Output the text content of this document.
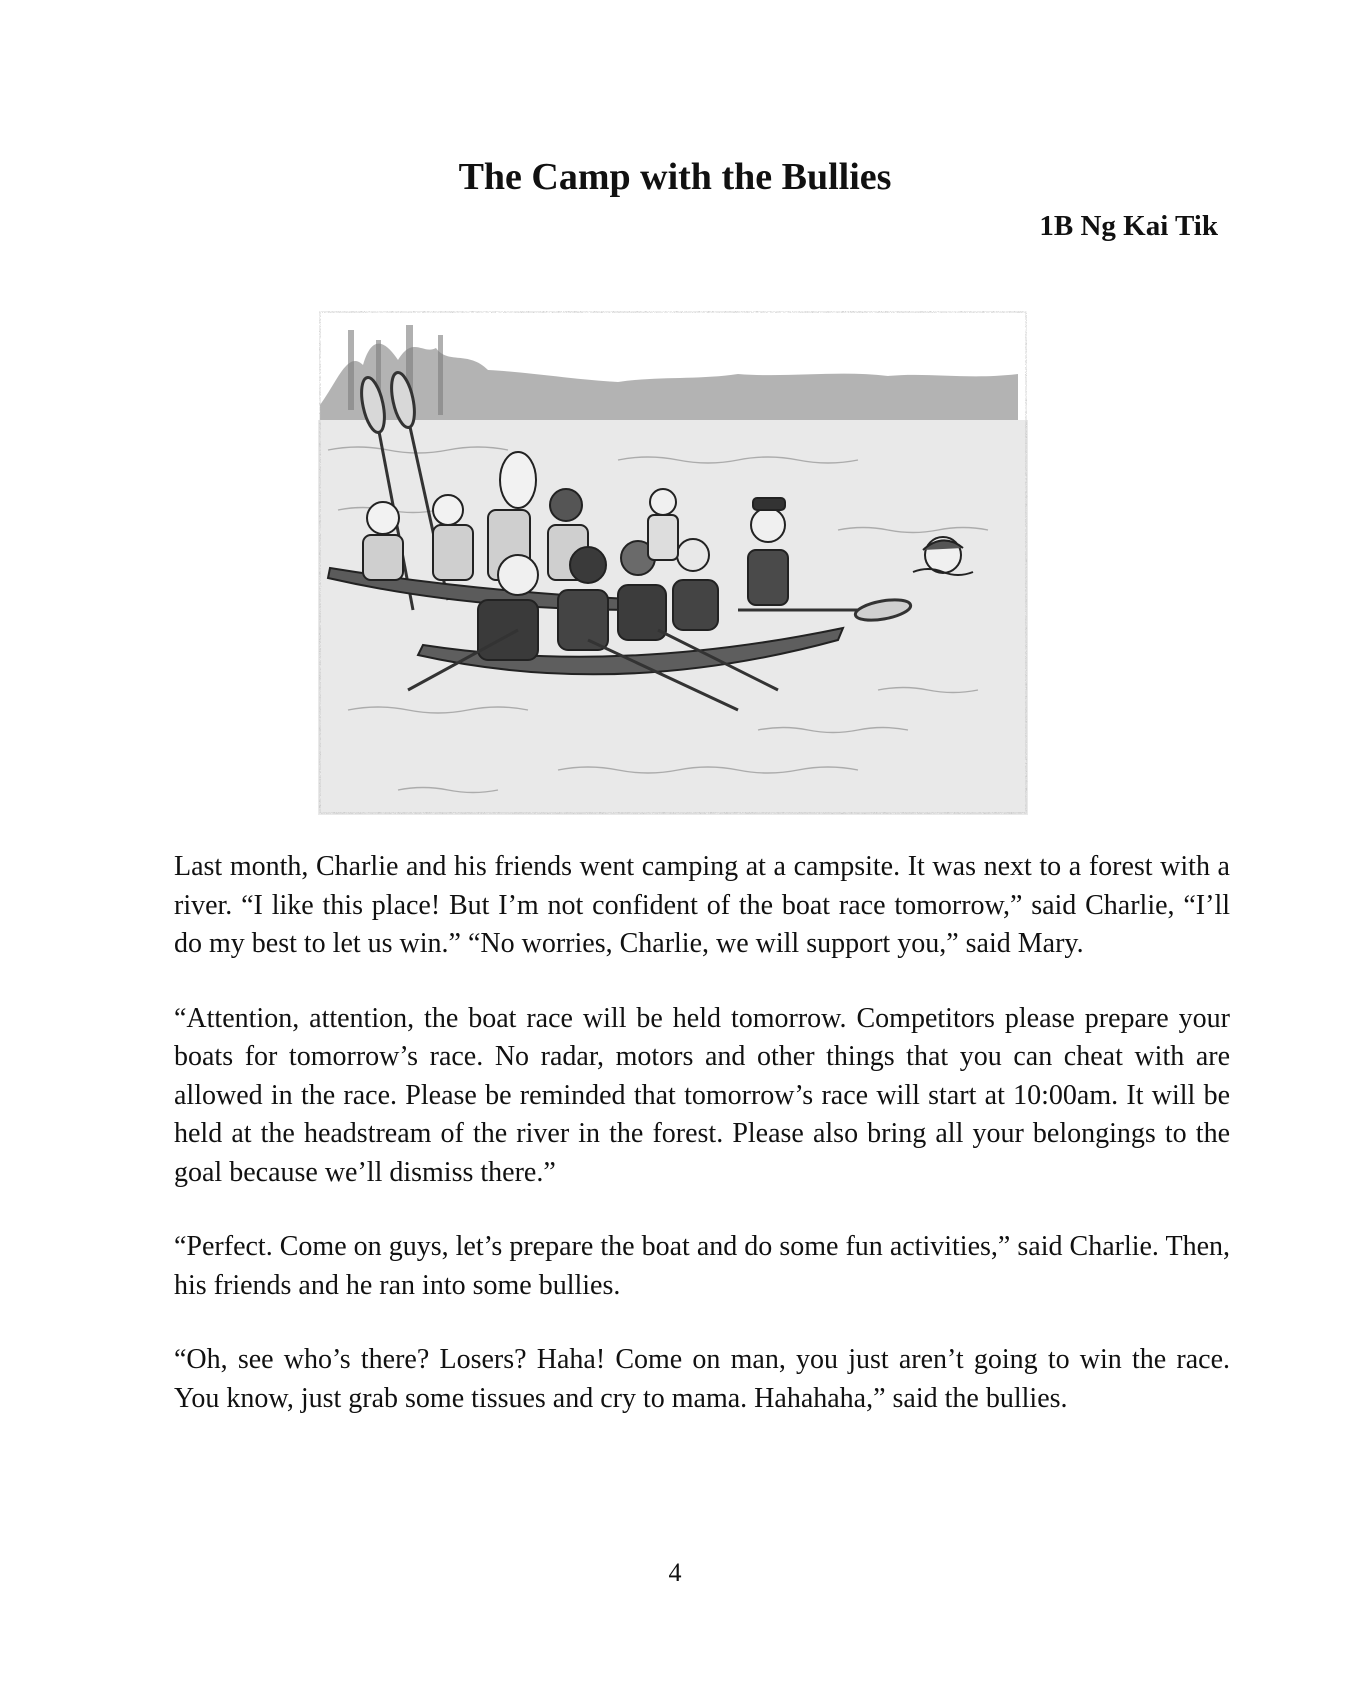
The Camp with the Bullies

1B Ng Kai Tik

Last month, Charlie and his friends went camping at a campsite. It was next to a forest with a river. “I like this place! But I’m not confident of the boat race tomorrow,” said Charlie, “I’ll do my best to let us win.” “No worries, Charlie, we will support you,” said Mary.

“Attention, attention, the boat race will be held tomorrow. Competitors please prepare your boats for tomorrow’s race. No radar, motors and other things that you can cheat with are allowed in the race. Please be reminded that tomorrow’s race will start at 10:00am. It will be held at the headstream of the river in the forest. Please also bring all your belongings to the goal because we’ll dismiss there.”

“Perfect. Come on guys, let’s prepare the boat and do some fun activities,” said Charlie. Then, his friends and he ran into some bullies.

“Oh, see who’s there? Losers? Haha! Come on man, you just aren’t going to win the race. You know, just grab some tissues and cry to mama. Hahahaha,” said the bullies.

4
